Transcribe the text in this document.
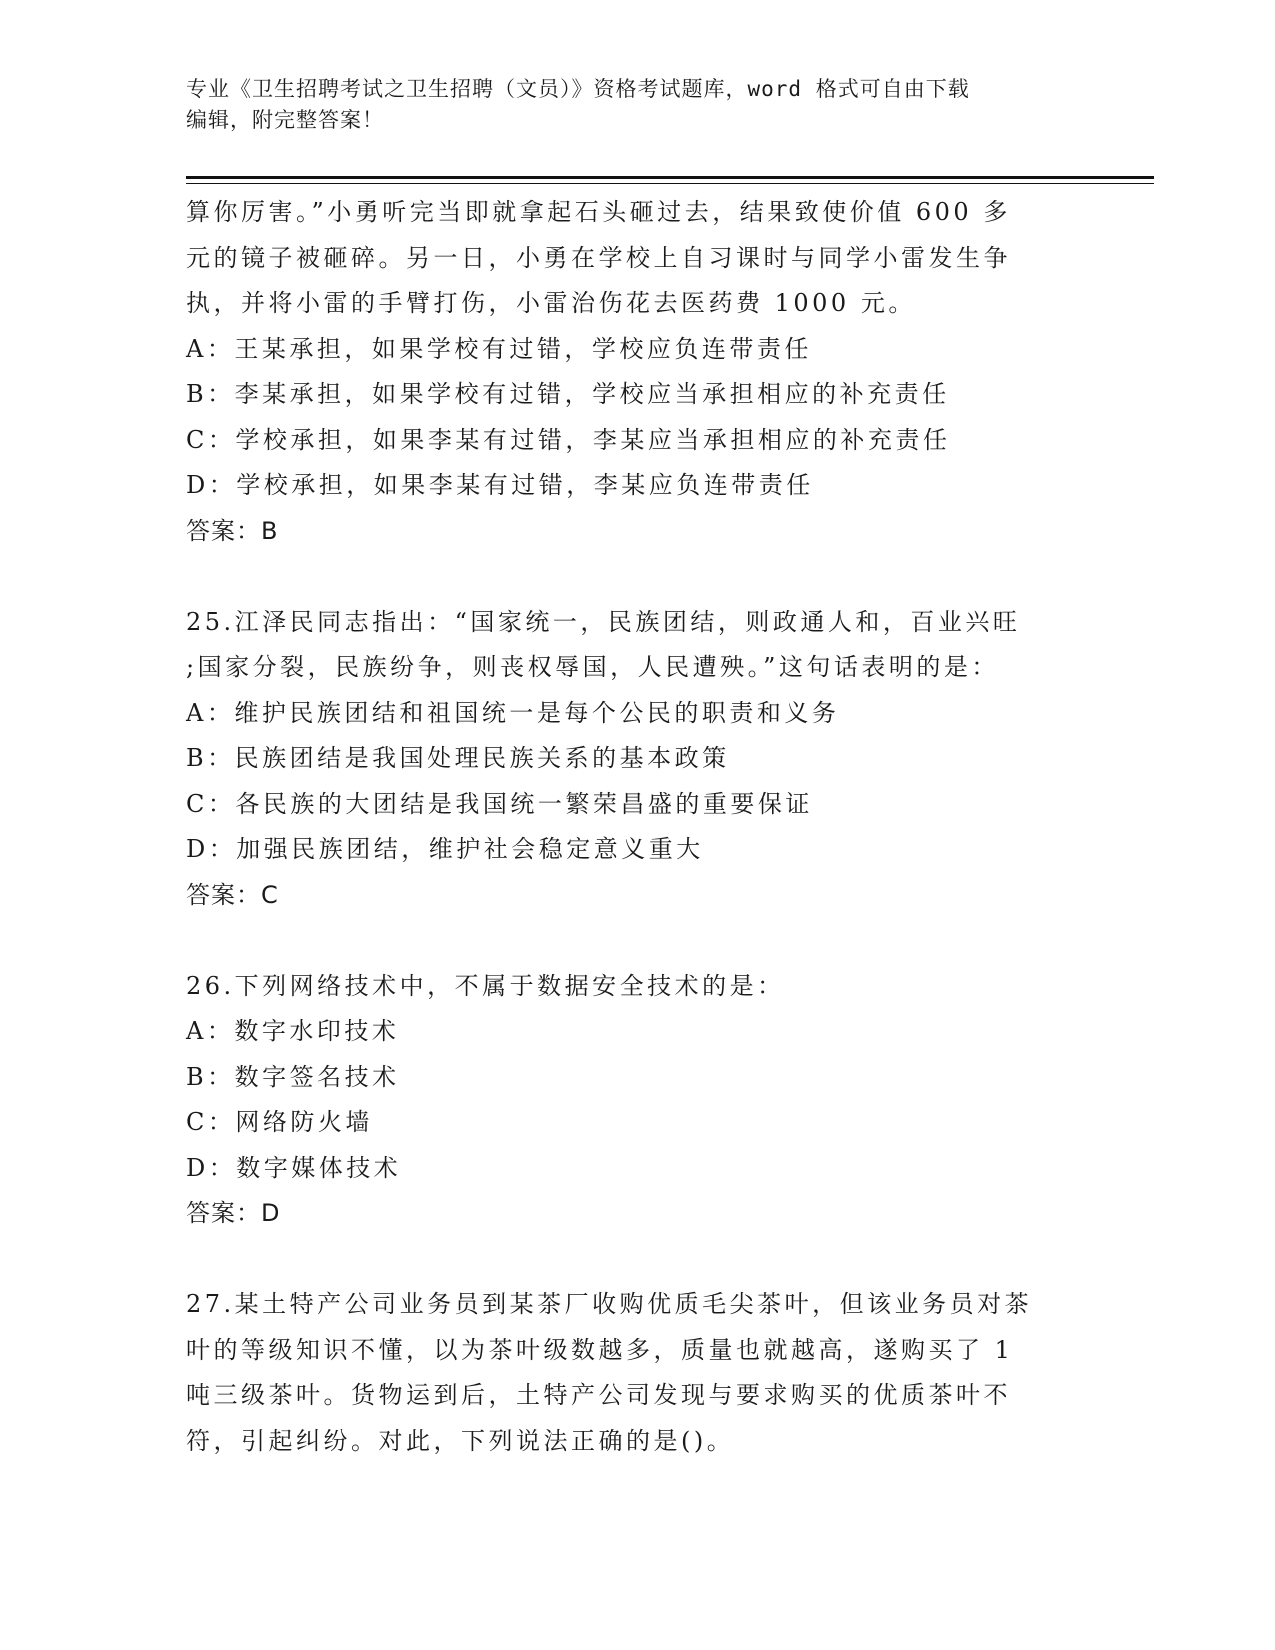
专业《卫生招聘考试之卫生招聘（文员）》资格考试题库，word 格式可自由下载
编辑，附完整答案！
算你厉害。”小勇听完当即就拿起石头砸过去，结果致使价值 600 多
元的镜子被砸碎。另一日，小勇在学校上自习课时与同学小雷发生争
执，并将小雷的手臂打伤，小雷治伤花去医药费 1000 元。
A：王某承担，如果学校有过错，学校应负连带责任
B：李某承担，如果学校有过错，学校应当承担相应的补充责任
C：学校承担，如果李某有过错，李某应当承担相应的补充责任
D：学校承担，如果李某有过错，李某应负连带责任
答案：B
25.江泽民同志指出：“国家统一，民族团结，则政通人和，百业兴旺
;国家分裂，民族纷争，则丧权辱国，人民遭殃。”这句话表明的是：
A：维护民族团结和祖国统一是每个公民的职责和义务
B：民族团结是我国处理民族关系的基本政策
C：各民族的大团结是我国统一繁荣昌盛的重要保证
D：加强民族团结，维护社会稳定意义重大
答案：C
26.下列网络技术中，不属于数据安全技术的是：
A：数字水印技术
B：数字签名技术
C：网络防火墙
D：数字媒体技术
答案：D
27.某土特产公司业务员到某茶厂收购优质毛尖茶叶，但该业务员对茶
叶的等级知识不懂，以为茶叶级数越多，质量也就越高，遂购买了 1
吨三级茶叶。货物运到后，土特产公司发现与要求购买的优质茶叶不
符，引起纠纷。对此，下列说法正确的是()。
